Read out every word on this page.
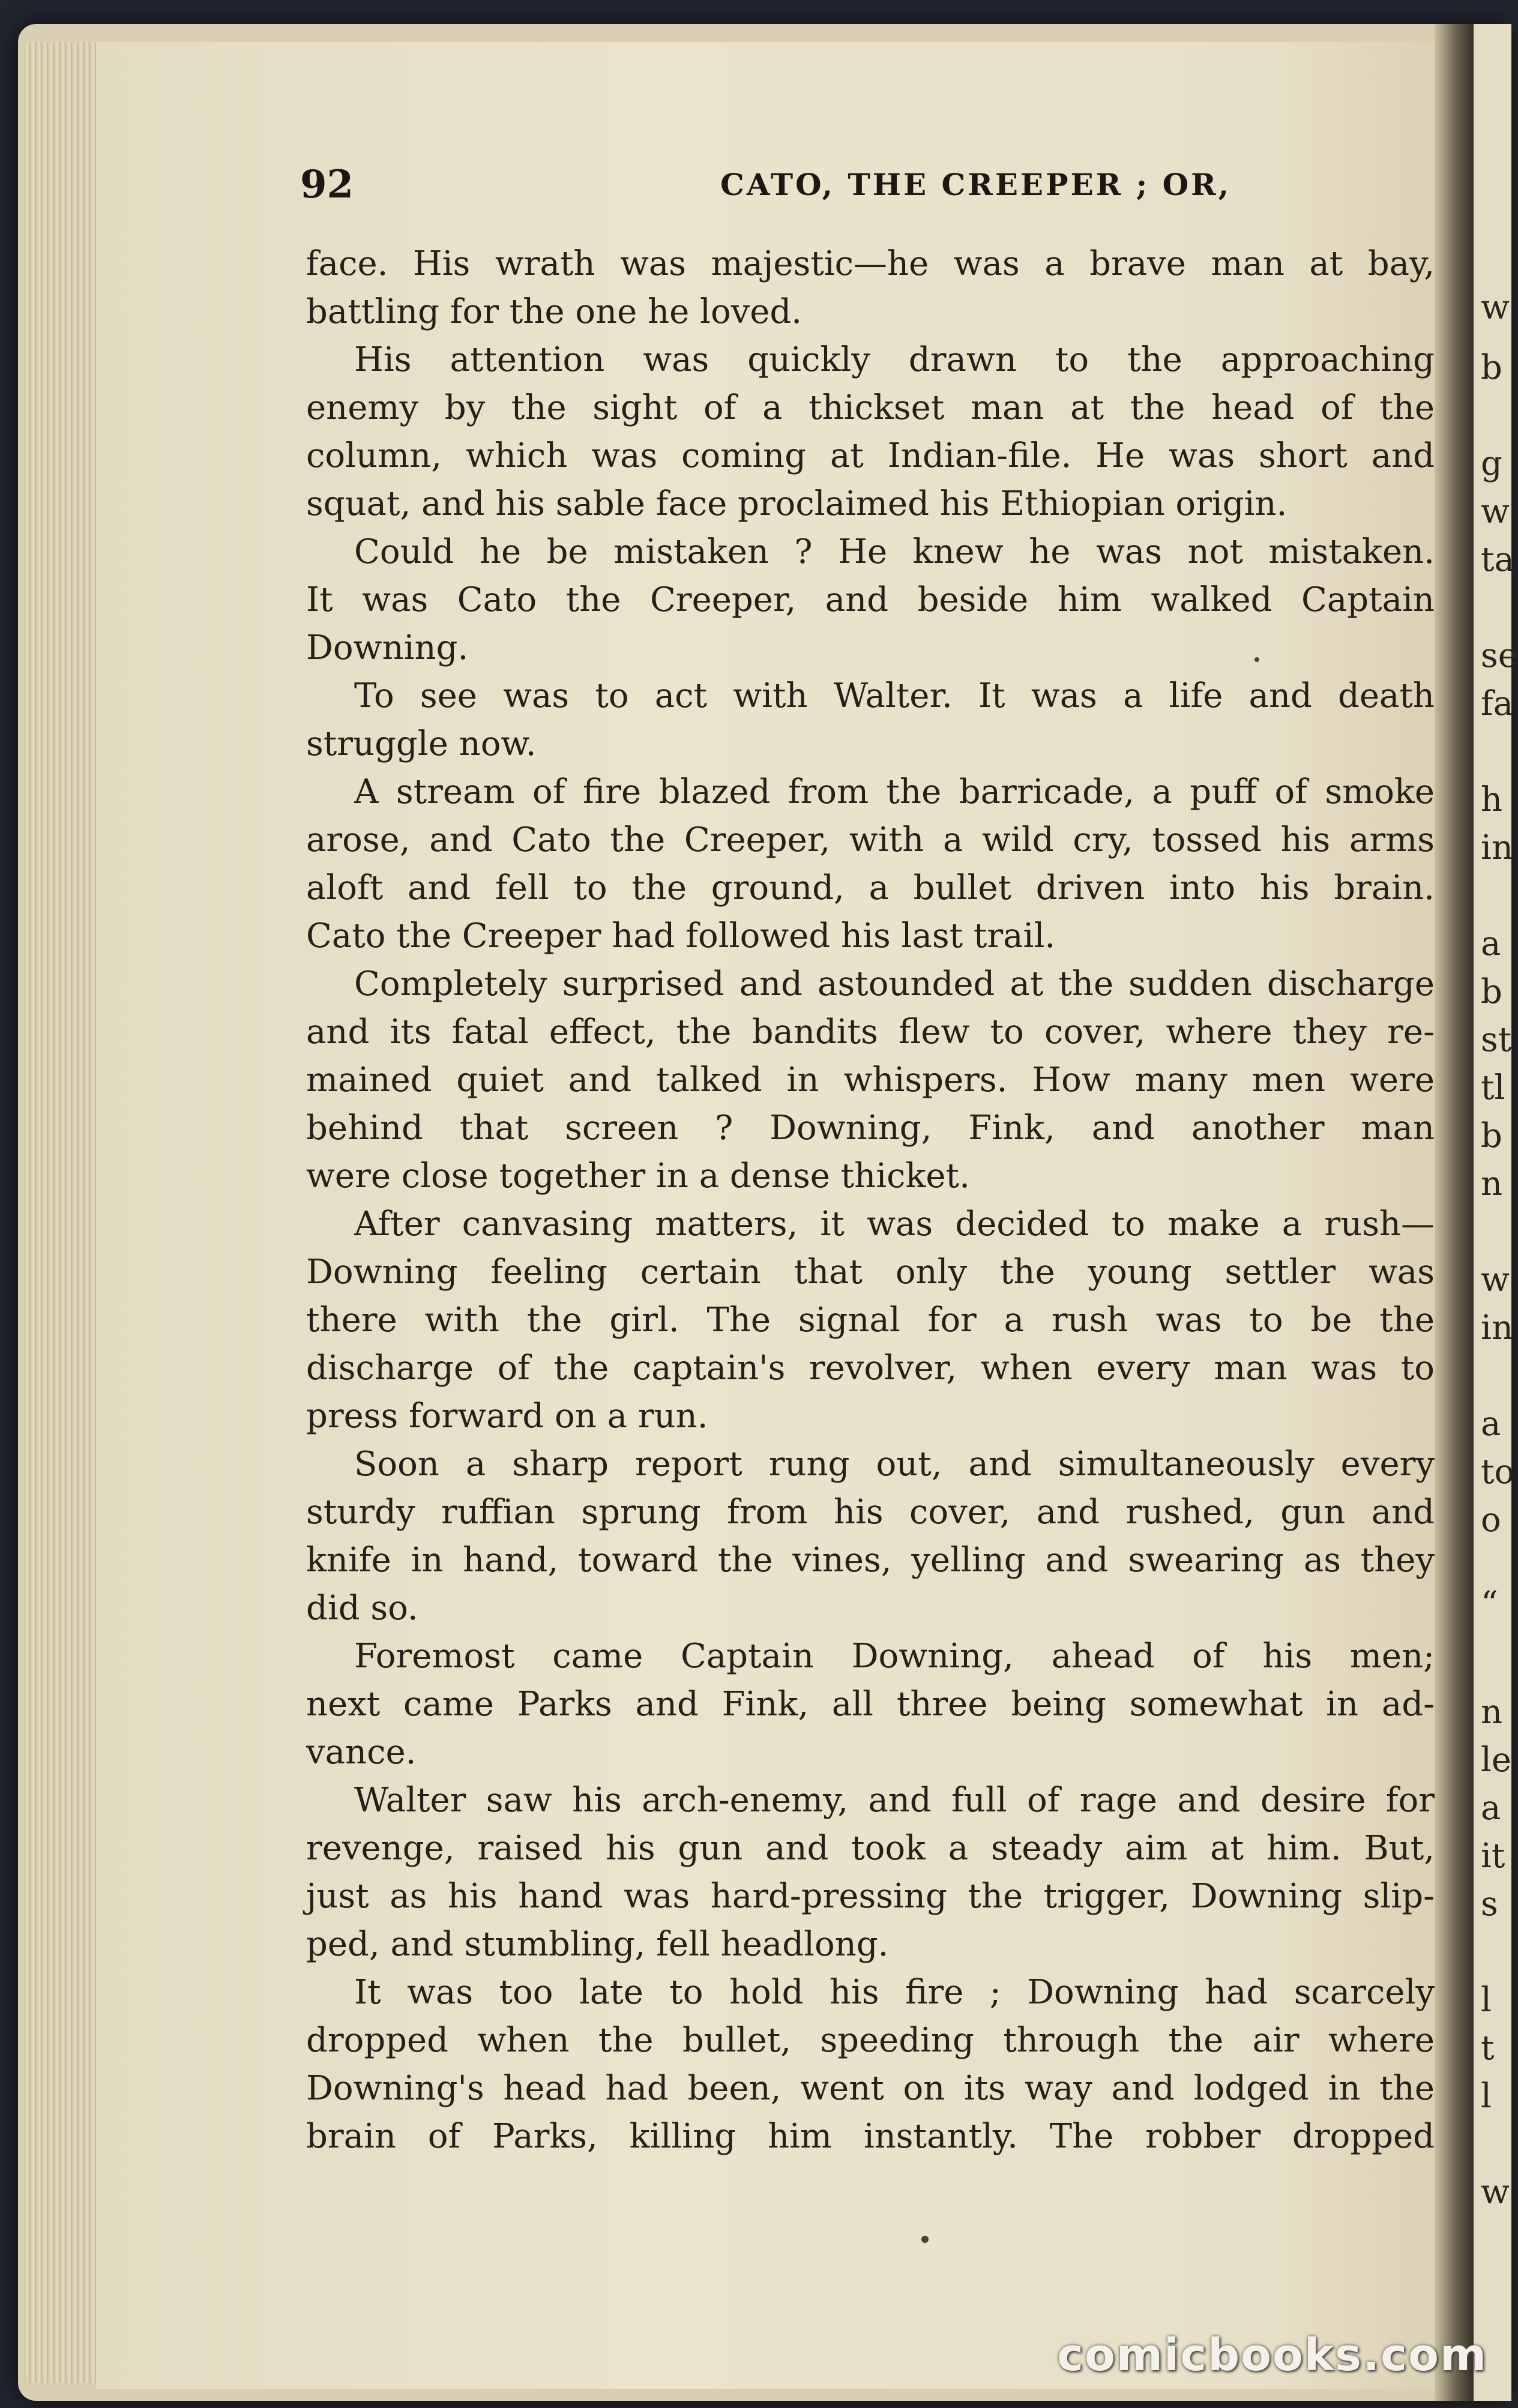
92	CATO, THE CREEPER ; OR,
face. His wrath was majestic—he was a brave man at bay,
battling for the one he loved.
His attention was quickly drawn to the approaching
enemy by the sight of a thickset man at the head of the
column, which was coming at Indian-file. He was short and
squat, and his sable face proclaimed his Ethiopian origin.
Could he be mistaken ? He knew he was not mistaken.
It was Cato the Creeper, and beside him walked Captain
Downing.
To see was to act with Walter. It was a life and death
struggle now.
A stream of fire blazed from the barricade, a puff of smoke
arose, and Cato the Creeper, with a wild cry, tossed his arms
aloft and fell to the ground, a bullet driven into his brain.
Cato the Creeper had followed his last trail.
Completely surprised and astounded at the sudden discharge
and its fatal effect, the bandits flew to cover, where they re-
mained quiet and talked in whispers. How many men were
behind that screen ? Downing, Fink, and another man
were close together in a dense thicket.
After canvasing matters, it was decided to make a rush—
Downing feeling certain that only the young settler was
there with the girl. The signal for a rush was to be the
discharge of the captain's revolver, when every man was to
press forward on a run.
Soon a sharp report rung out, and simultaneously every
sturdy ruffian sprung from his cover, and rushed, gun and
knife in hand, toward the vines, yelling and swearing as they
did so.
Foremost came Captain Downing, ahead of his men;
next came Parks and Fink, all three being somewhat in ad-
vance.
Walter saw his arch-enemy, and full of rage and desire for
revenge, raised his gun and took a steady aim at him. But,
just as his hand was hard-pressing the trigger, Downing slip-
ped, and stumbling, fell headlong.
It was too late to hold his fire ; Downing had scarcely
dropped when the bullet, speeding through the air where
Downing's head had been, went on its way and lodged in the
brain of Parks, killing him instantly. The robber dropped
w
b
g
w
ta
se
fa
h
in
a
b
st
tl
b
n
w
in
a
to
o
“
n
le
a
it
s
l
t
l
w
comicbooks.com
